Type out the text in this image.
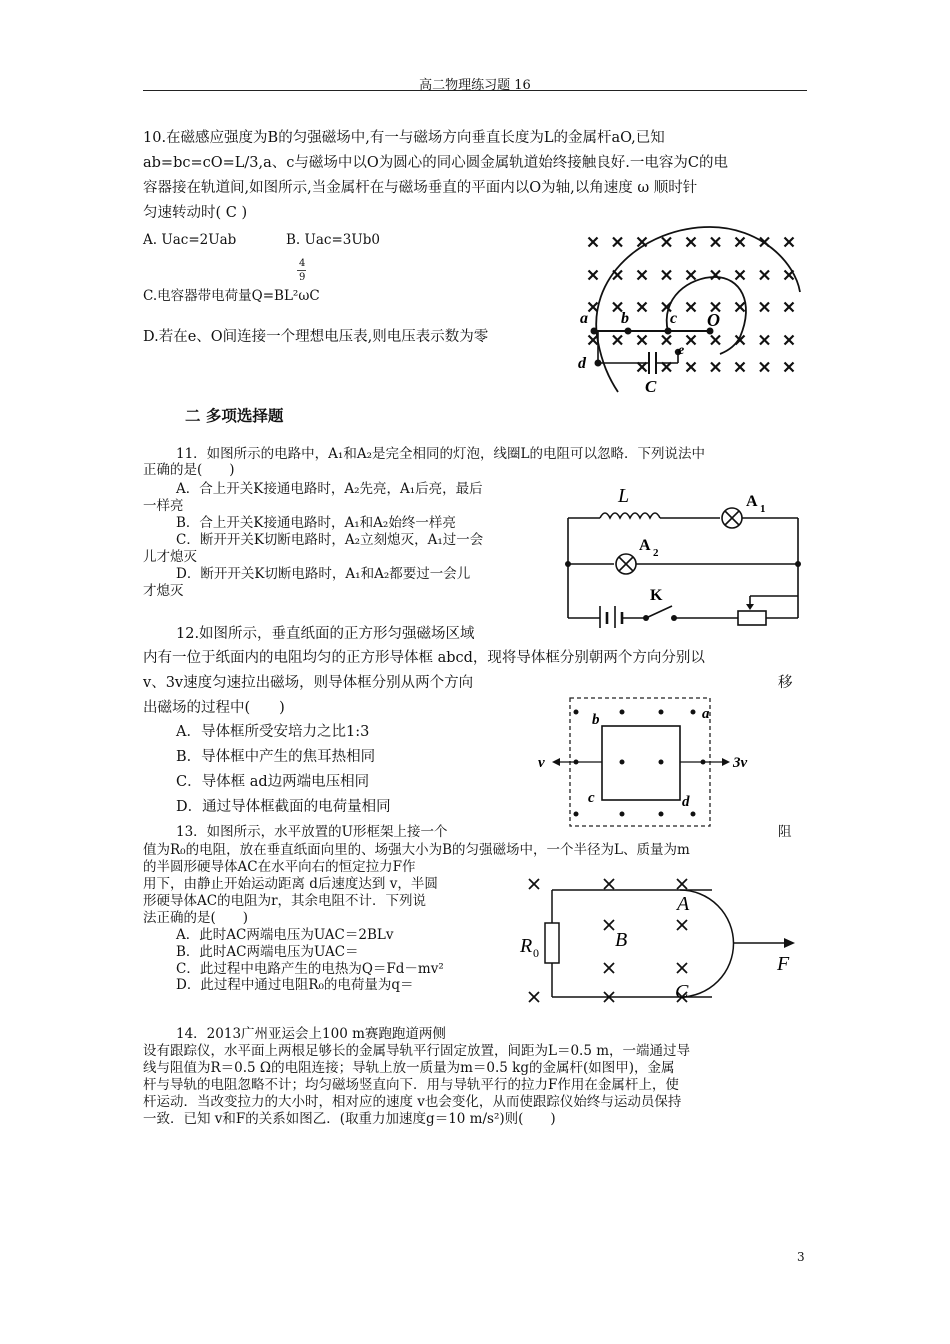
高二物理练习题 16
10.在磁感应强度为B的匀强磁场中,有一与磁场方向垂直长度为L的金属杆aO,已知
ab=bc=cO=L/3,a、c与磁场中以O为圆心的同心圆金属轨道始终接触良好.一电容为C的电
容器接在轨道间,如图所示,当金属杆在与磁场垂直的平面内以O为轴,以角速度 ω 顺时针
匀速转动时( C )
A. Uac=2Uab	B. Uac=3Ub0
4
9
C.电容器带电荷量Q=BL²ωC
D.若在e、O间连接一个理想电压表,则电压表示数为零
a b	c O
d
e
C
二 多项选择题
11．如图所示的电路中，A₁和A₂是完全相同的灯泡，线圈L的电阻可以忽略．下列说法中
正确的是(　　)
A．合上开关K接通电路时，A₂先亮，A₁后亮，最后
一样亮
B．合上开关K接通电路时，A₁和A₂始终一样亮
C．断开开关K切断电路时，A₂立刻熄灭，A₁过一会
儿才熄灭
D．断开开关K切断电路时，A₁和A₂都要过一会儿
才熄灭
L	A 1
A 2
K
12.如图所示，垂直纸面的正方形匀强磁场区域
内有一位于纸面内的电阻均匀的正方形导体框 abcd，现将导体框分别朝两个方向分别以
v、3v速度匀速拉出磁场，则导体框分别从两个方向	移
出磁场的过程中(　　)
A．导体框所受安培力之比1:3
B．导体框中产生的焦耳热相同
C．导体框 ad边两端电压相同
D．通过导体框截面的电荷量相同
v	3v
b	a
c	d
13．如图所示，水平放置的U形框架上接一个	阻
值为R₀的电阻，放在垂直纸面向里的、场强大小为B的匀强磁场中，一个半径为L、质量为m
的半圆形硬导体AC在水平向右的恒定拉力F作
用下，由静止开始运动距离 d后速度达到 v，半圆
形硬导体AC的电阻为r，其余电阻不计．下列说
法正确的是(　　)
A．此时AC两端电压为UAC＝2BLv
B．此时AC两端电压为UAC＝
C．此过程中电路产生的电热为Q＝Fd－mv²
D．此过程中通过电阻R₀的电荷量为q＝
A
B
C
R 0	F
14．2013广州亚运会上100 m赛跑跑道两侧
设有跟踪仪，水平面上两根足够长的金属导轨平行固定放置，间距为L＝0.5 m，一端通过导
线与阻值为R＝0.5 Ω的电阻连接；导轨上放一质量为m＝0.5 kg的金属杆(如图甲)，金属
杆与导轨的电阻忽略不计；均匀磁场竖直向下．用与导轨平行的拉力F作用在金属杆上，使
杆运动．当改变拉力的大小时，相对应的速度 v也会变化，从而使跟踪仪始终与运动员保持
一致．已知 v和F的关系如图乙．(取重力加速度g＝10 m/s²)则(　　)
3
